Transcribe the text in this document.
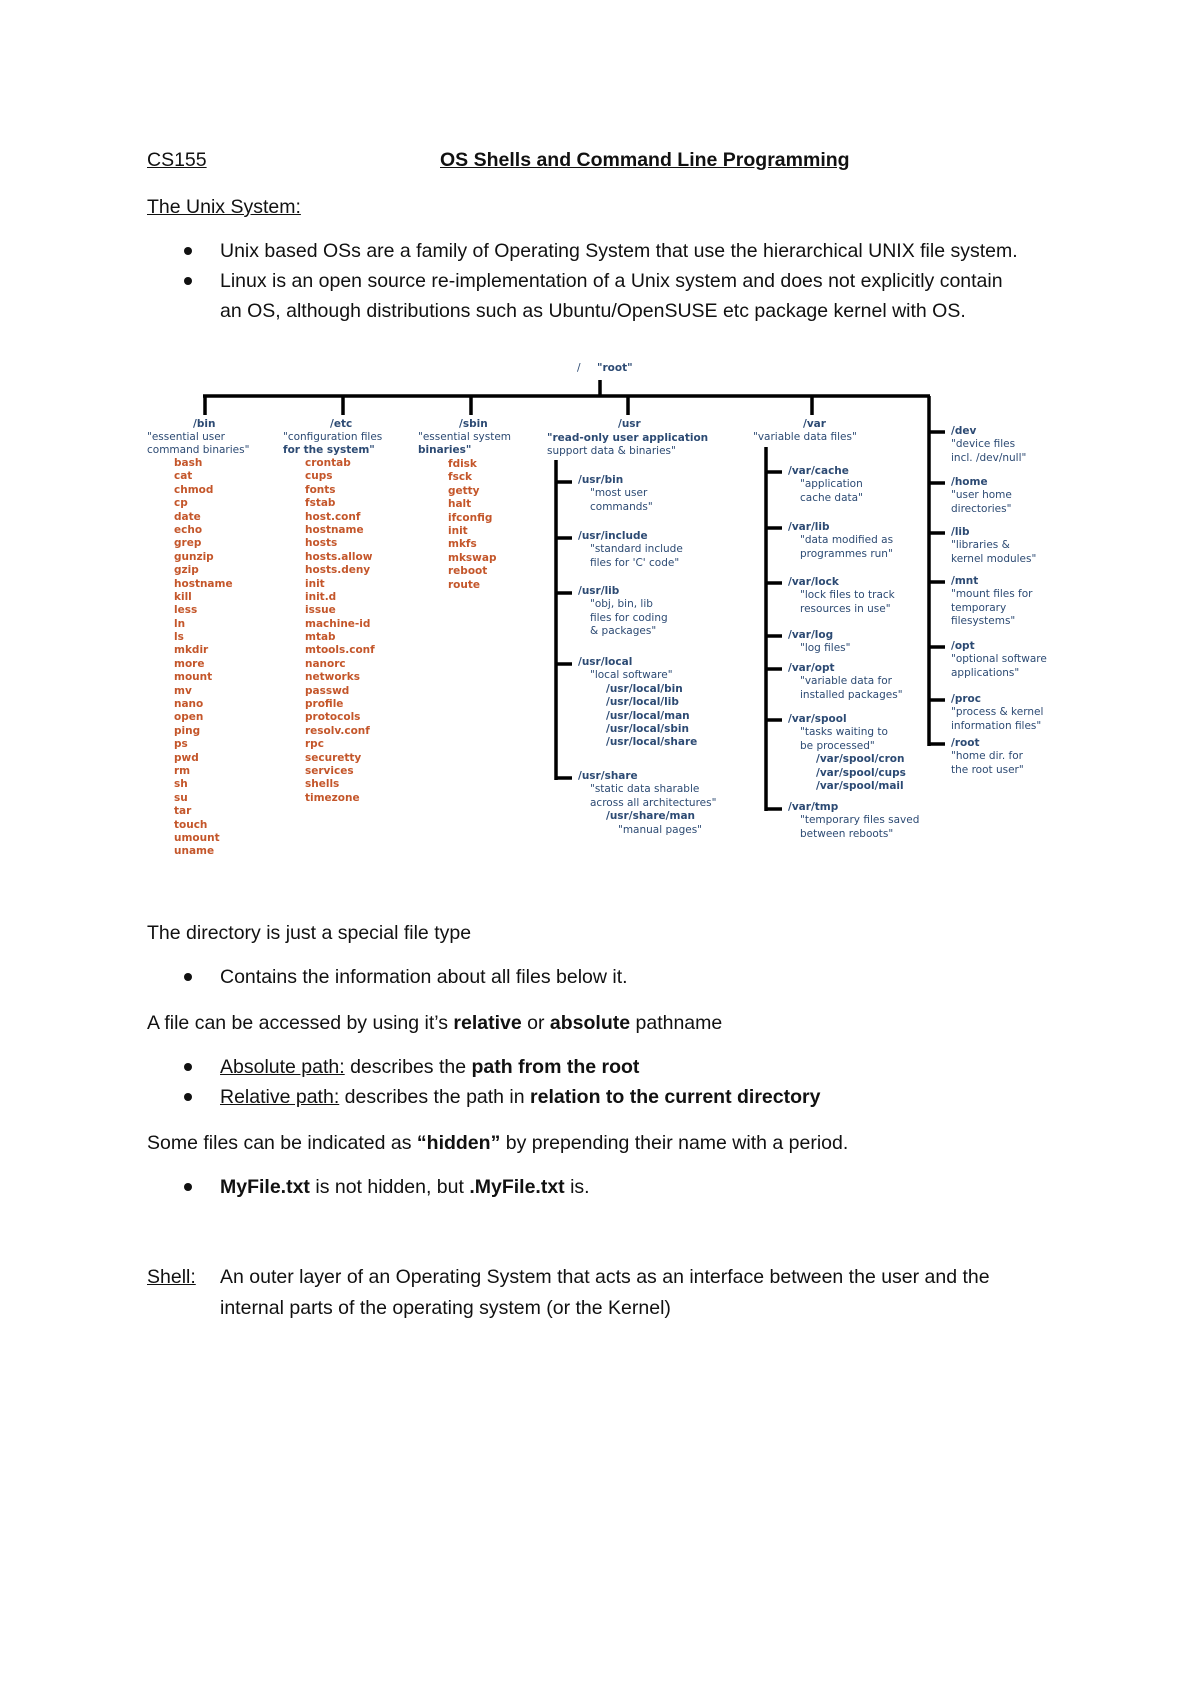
CS155	OS Shells and Command Line Programming
The Unix System:
Unix based OSs are a family of Operating System that use the hierarchical UNIX file system.
Linux is an open source re-implementation of a Unix system and does not explicitly contain
an OS, although distributions such as Ubuntu/OpenSUSE etc package kernel with OS.
/ "root"
/bin
"essential user
command binaries"
bash
cat
chmod
cp
date
echo
grep
gunzip
gzip
hostname
kill
less
ln
ls
mkdir
more
mount
mv
nano
open
ping
ps
pwd
rm
sh
su
tar
touch
umount
uname
/etc
"configuration files
for the system"
crontab
cups
fonts
fstab
host.conf
hostname
hosts
hosts.allow
hosts.deny
init
init.d
issue
machine-id
mtab
mtools.conf
nanorc
networks
passwd
profile
protocols
resolv.conf
rpc
securetty
services
shells
timezone
/sbin
"essential system
binaries"
fdisk
fsck
getty
halt
ifconfig
init
mkfs
mkswap
reboot
route
/usr
"read-only user application
support data & binaries"
/usr/bin
"most user
commands"
/usr/include
"standard include
files for 'C' code"
/usr/lib
"obj, bin, lib
files for coding
& packages"
/usr/local
"local software"
/usr/local/bin
/usr/local/lib
/usr/local/man
/usr/local/sbin
/usr/local/share
/usr/share
"static data sharable
across all architectures"
/usr/share/man
"manual pages"
/var
"variable data files"
/var/cache
"application
cache data"
/var/lib
"data modified as
programmes run"
/var/lock
"lock files to track
resources in use"
/var/log
"log files"
/var/opt
"variable data for
installed packages"
/var/spool
"tasks waiting to
be processed"
/var/spool/cron
/var/spool/cups
/var/spool/mail
/var/tmp
"temporary files saved
between reboots"
/dev
"device files
incl. /dev/null"
/home
"user home
directories"
/lib
"libraries &
kernel modules"
/mnt
"mount files for
temporary
filesystems"
/opt
"optional software
applications"
/proc
"process & kernel
information files"
/root
"home dir. for
the root user"
The directory is just a special file type
Contains the information about all files below it.
A file can be accessed by using it’s relative or absolute pathname
Absolute path: describes the path from the root
Relative path: describes the path in relation to the current directory
Some files can be indicated as “hidden” by prepending their name with a period.
MyFile.txt is not hidden, but .MyFile.txt is.
Shell: An outer layer of an Operating System that acts as an interface between the user and the
internal parts of the operating system (or the Kernel)
